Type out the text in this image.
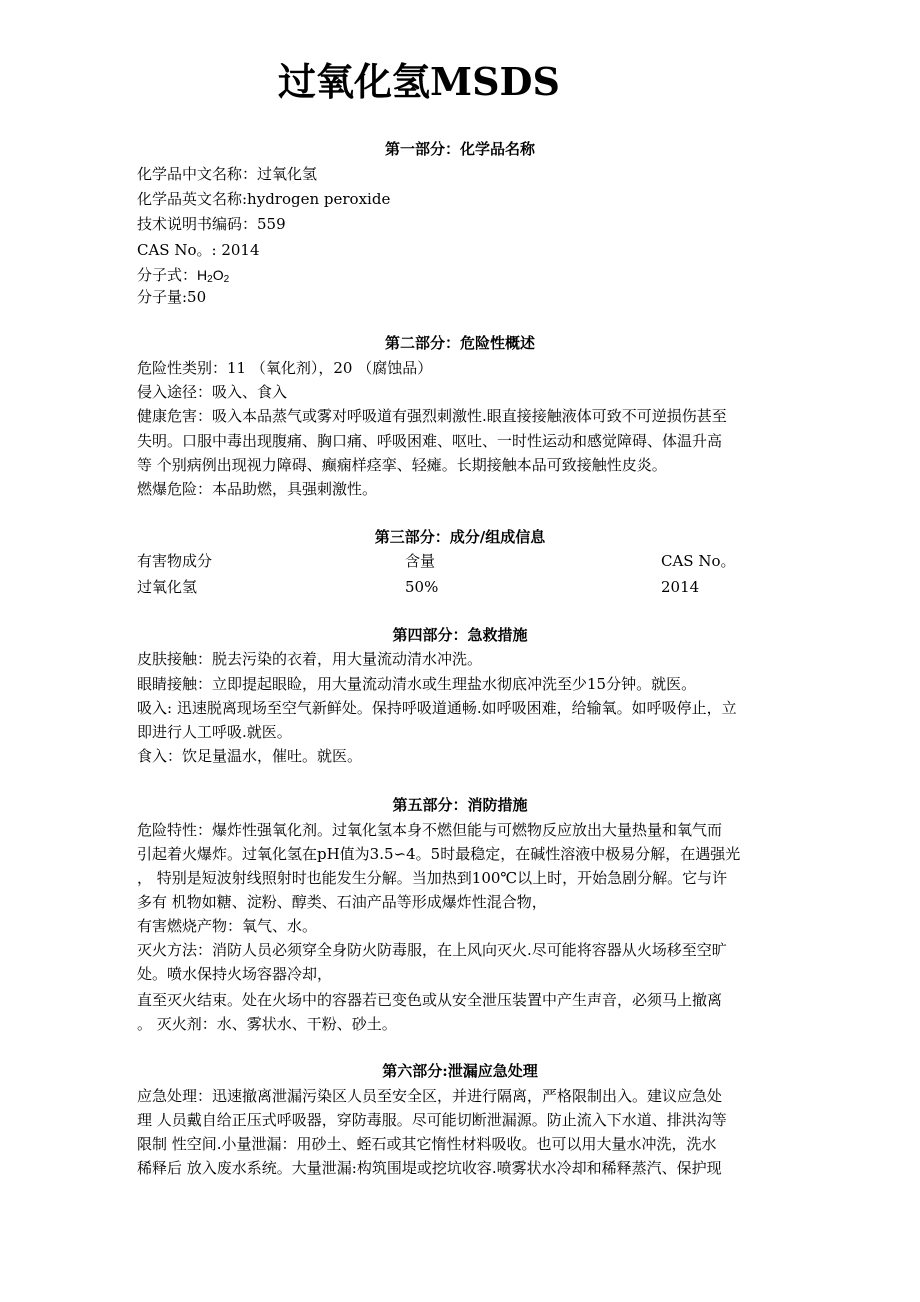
过氧化氢MSDS
第一部分：化学品名称
化学品中文名称：过氧化氢
化学品英文名称:hydrogen peroxide
技术说明书编码：559
CAS No。: 2014
分子式：$H_2O_2$
分子量:50
第二部分：危险性概述
危险性类别：11 （氧化剂），20 （腐蚀品）
侵入途径：吸入、食入
健康危害：吸入本品蒸气或雾对呼吸道有强烈刺激性.眼直接接触液体可致不可逆损伤甚至
失明。口服中毒出现腹痛、胸口痛、呼吸困难、呕吐、一时性运动和感觉障碍、体温升高
等 个别病例出现视力障碍、癫痫样痉挛、轻瘫。长期接触本品可致接触性皮炎。
燃爆危险：本品助燃，具强刺激性。
第三部分：成分/组成信息
有害物成分	含量	CAS No。
过氧化氢	50%	2014
第四部分：急救措施
皮肤接触：脱去污染的衣着，用大量流动清水冲洗。
眼睛接触：立即提起眼睑，用大量流动清水或生理盐水彻底冲洗至少15分钟。就医。
吸入: 迅速脱离现场至空气新鲜处。保持呼吸道通畅.如呼吸困难，给输氧。如呼吸停止，立
即进行人工呼吸.就医。
食入：饮足量温水，催吐。就医。
第五部分：消防措施
危险特性：爆炸性强氧化剂。过氧化氢本身不燃但能与可燃物反应放出大量热量和氧气而
引起着火爆炸。过氧化氢在pH值为3.5∽4。5时最稳定，在碱性溶液中极易分解，在遇强光
， 特别是短波射线照射时也能发生分解。当加热到100℃以上时，开始急剧分解。它与许
多有 机物如糖、淀粉、醇类、石油产品等形成爆炸性混合物，
有害燃烧产物：氧气、水。
灭火方法：消防人员必须穿全身防火防毒服，在上风向灭火.尽可能将容器从火场移至空旷
处。喷水保持火场容器冷却，
直至灭火结束。处在火场中的容器若已变色或从安全泄压装置中产生声音，必须马上撤离
。 灭火剂：水、雾状水、干粉、砂土。
第六部分:泄漏应急处理
应急处理：迅速撤离泄漏污染区人员至安全区，并进行隔离，严格限制出入。建议应急处
理 人员戴自给正压式呼吸器，穿防毒服。尽可能切断泄漏源。防止流入下水道、排洪沟等
限制 性空间.小量泄漏：用砂土、蛭石或其它惰性材料吸收。也可以用大量水冲洗，洗水
稀释后 放入废水系统。大量泄漏:构筑围堤或挖坑收容.喷雾状水冷却和稀释蒸汽、保护现
